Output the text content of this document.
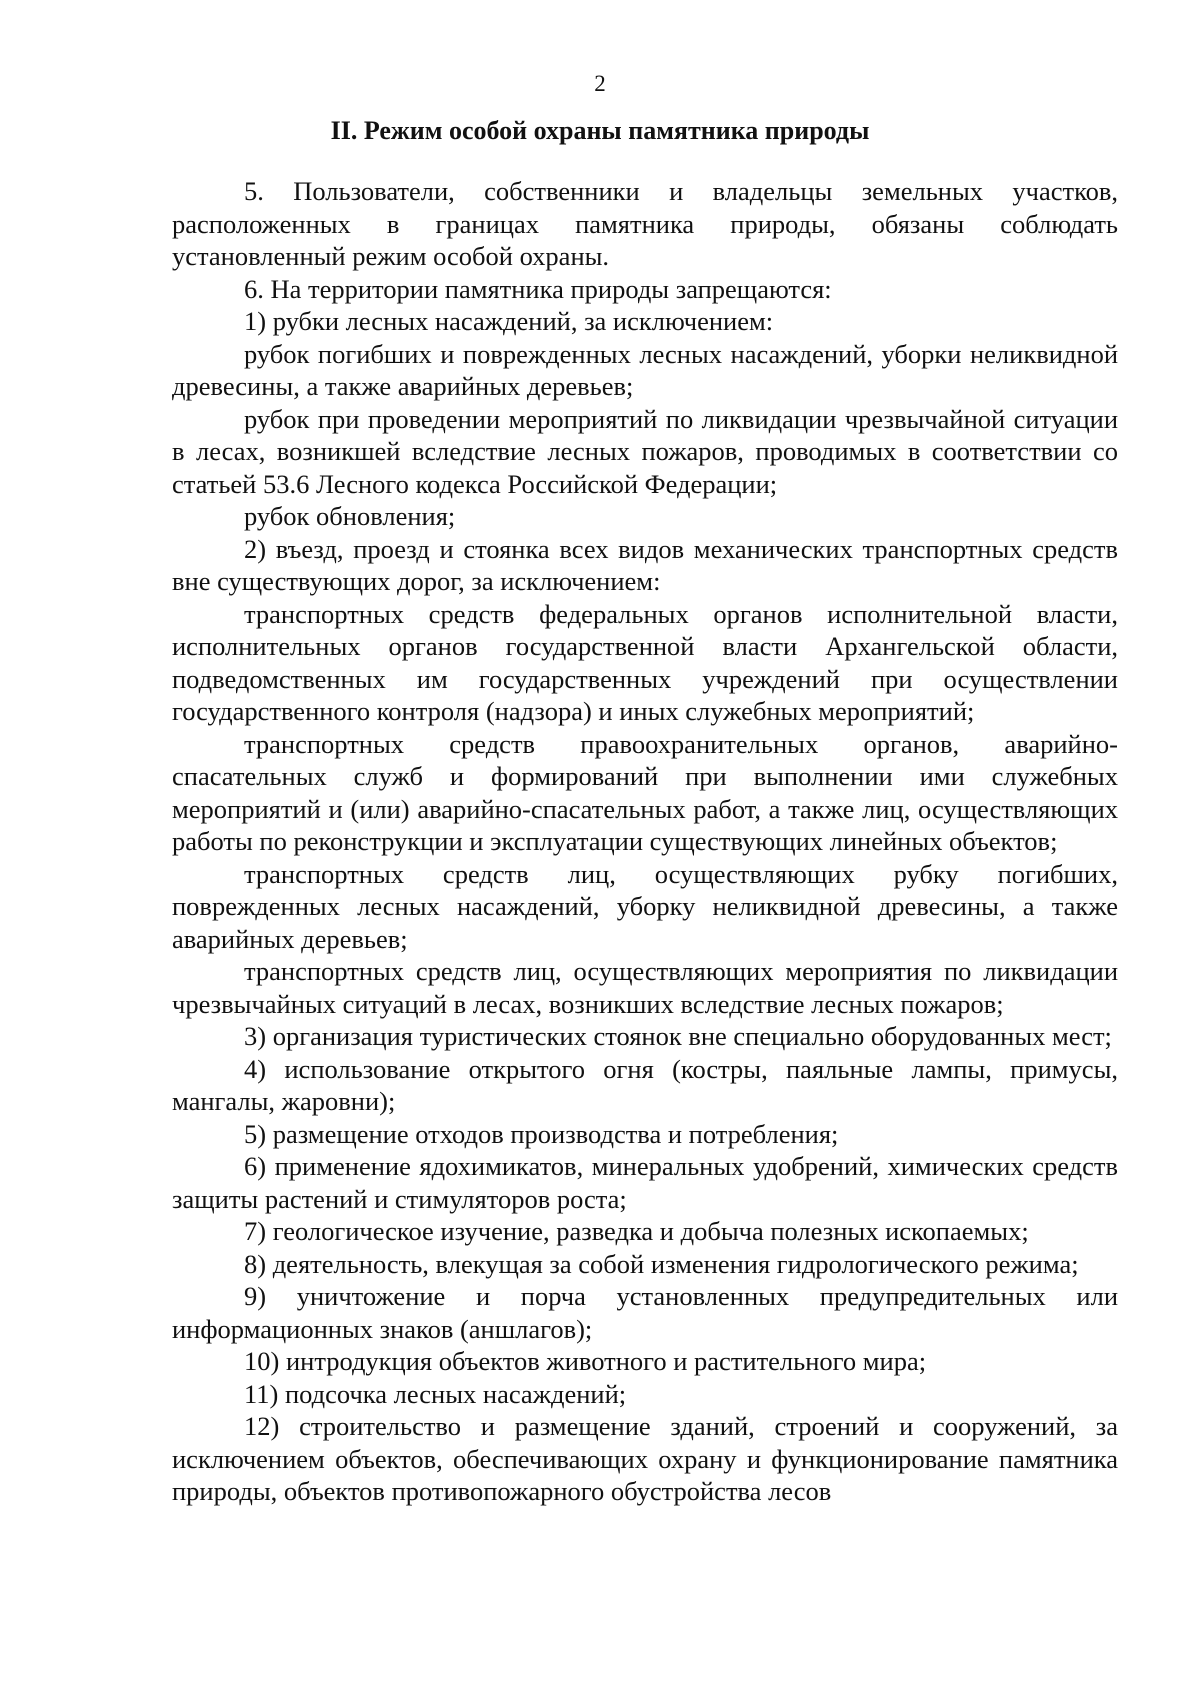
2
II. Режим особой охраны памятника природы

5. Пользователи, собственники и владельцы земельных участков, расположенных в границах памятника природы, обязаны соблюдать установленный режим особой охраны.

6. На территории памятника природы запрещаются:

1) рубки лесных насаждений, за исключением:

рубок погибших и поврежденных лесных насаждений, уборки неликвидной древесины, а также аварийных деревьев;

рубок при проведении мероприятий по ликвидации чрезвычайной ситуации в лесах, возникшей вследствие лесных пожаров, проводимых в соответствии со статьей 53.6 Лесного кодекса Российской Федерации;

рубок обновления;

2) въезд, проезд и стоянка всех видов механических транспортных средств вне существующих дорог, за исключением:

транспортных средств федеральных органов исполнительной власти, исполнительных органов государственной власти Архангельской области, подведомственных им государственных учреждений при осуществлении государственного контроля (надзора) и иных служебных мероприятий;

транспортных средств правоохранительных органов, аварийно-спасательных служб и формирований при выполнении ими служебных мероприятий и (или) аварийно-спасательных работ, а также лиц, осуществляющих работы по реконструкции и эксплуатации существующих линейных объектов;

транспортных средств лиц, осуществляющих рубку погибших, поврежденных лесных насаждений, уборку неликвидной древесины, а также аварийных деревьев;

транспортных средств лиц, осуществляющих мероприятия по ликвидации чрезвычайных ситуаций в лесах, возникших вследствие лесных пожаров;

3) организация туристических стоянок вне специально оборудованных мест;

4) использование открытого огня (костры, паяльные лампы, примусы, мангалы, жаровни);

5) размещение отходов производства и потребления;

6) применение ядохимикатов, минеральных удобрений, химических средств защиты растений и стимуляторов роста;

7) геологическое изучение, разведка и добыча полезных ископаемых;

8) деятельность, влекущая за собой изменения гидрологического режима;

9) уничтожение и порча установленных предупредительных или информационных знаков (аншлагов);

10) интродукция объектов животного и растительного мира;

11) подсочка лесных насаждений;

12) строительство и размещение зданий, строений и сооружений, за исключением объектов, обеспечивающих охрану и функционирование памятника природы, объектов противопожарного обустройства лесов
